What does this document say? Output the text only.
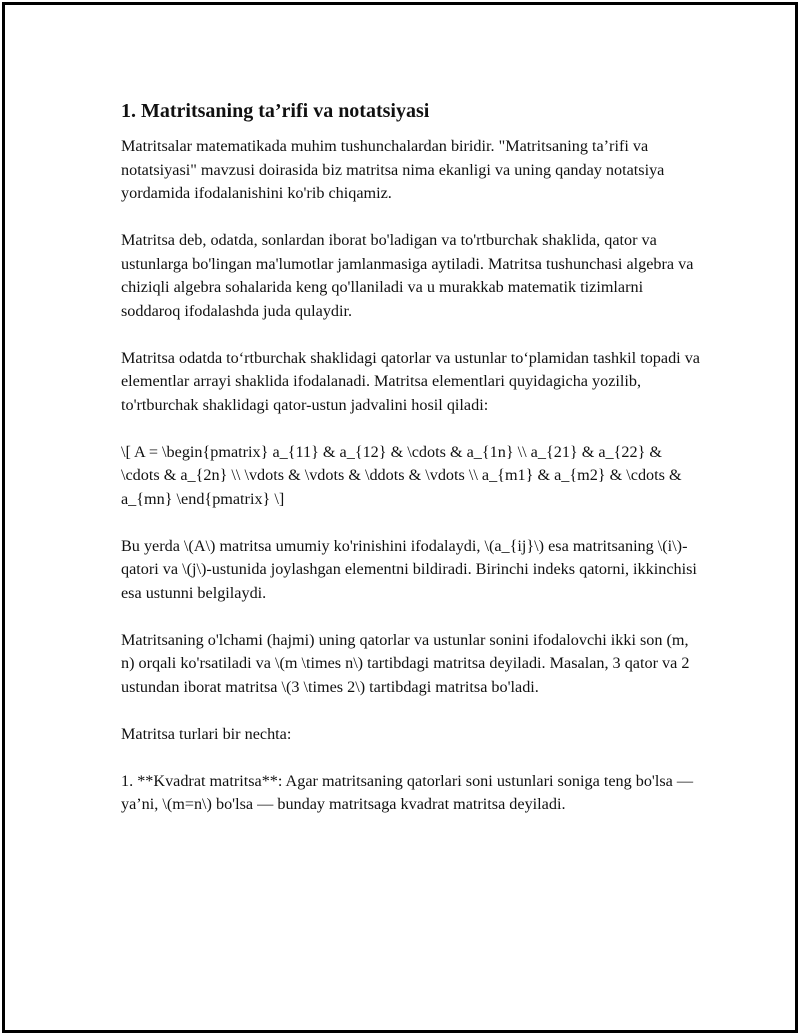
1. Matritsaning ta’rifi va notatsiyasi

Matritsalar matematikada muhim tushunchalardan biridir. "Matritsaning ta’rifi va notatsiyasi" mavzusi doirasida biz matritsa nima ekanligi va uning qanday notatsiya yordamida ifodalanishini ko'rib chiqamiz.

Matritsa deb, odatda, sonlardan iborat bo'ladigan va to'rtburchak shaklida, qator va ustunlarga bo'lingan ma'lumotlar jamlanmasiga aytiladi. Matritsa tushunchasi algebra va chiziqli algebra sohalarida keng qo'llaniladi va u murakkab matematik tizimlarni soddaroq ifodalashda juda qulaydir.

Matritsa odatda to‘rtburchak shaklidagi qatorlar va ustunlar to‘plamidan tashkil topadi va elementlar arrayi shaklida ifodalanadi. Matritsa elementlari quyidagicha yozilib, to'rtburchak shaklidagi qator-ustun jadvalini hosil qiladi:

\[ A = \begin{pmatrix} a_{11} & a_{12} & \cdots & a_{1n} \\ a_{21} & a_{22} & \cdots & a_{2n} \\ \vdots & \vdots & \ddots & \vdots \\ a_{m1} & a_{m2} & \cdots & a_{mn} \end{pmatrix} \]

Bu yerda \(A\) matritsa umumiy ko'rinishini ifodalaydi, \(a_{ij}\) esa matritsaning \(i\)-qatori va \(j\)-ustunida joylashgan elementni bildiradi. Birinchi indeks qatorni, ikkinchisi esa ustunni belgilaydi.

Matritsaning o'lchami (hajmi) uning qatorlar va ustunlar sonini ifodalovchi ikki son (m, n) orqali ko'rsatiladi va \(m \times n\) tartibdagi matritsa deyiladi. Masalan, 3 qator va 2 ustundan iborat matritsa \(3 \times 2\) tartibdagi matritsa bo'ladi.

Matritsa turlari bir nechta:

1. **Kvadrat matritsa**: Agar matritsaning qatorlari soni ustunlari soniga teng bo'lsa — ya’ni, \(m=n\) bo'lsa — bunday matritsaga kvadrat matritsa deyiladi.
